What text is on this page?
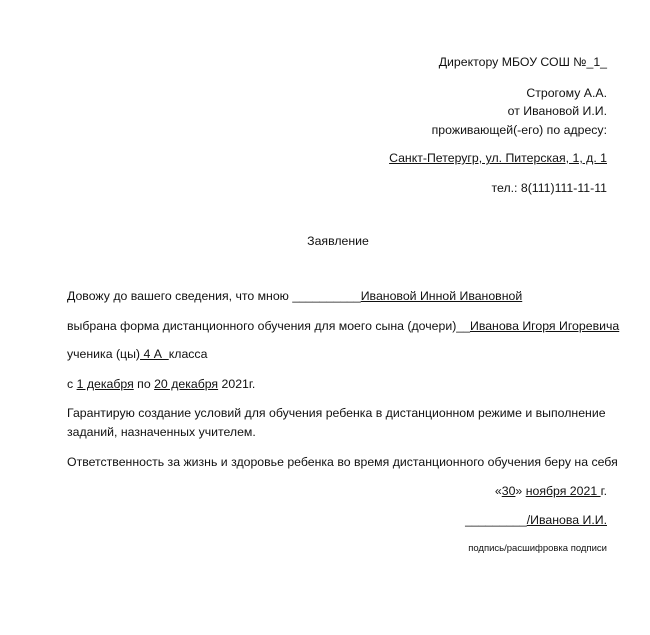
Директору МБОУ СОШ №_1_
Строгому А.А.
от Ивановой И.И.
проживающей(-его) по адресу:
Санкт-Петеругр, ул. Питерская, 1, д. 1
тел.: 8(111)111-11-11
Заявление
Довожу до вашего сведения, что мною __________Ивановой Инной Ивановной
выбрана форма дистанционного обучения для моего сына (дочери)__Иванова Игоря Игоревича
ученика (цы) 4 А  класса
с 1 декабря по 20 декабря 2021г.
Гарантирую создание условий для обучения ребенка в дистанционном режиме и выполнение
заданий, назначенных учителем.
Ответственность за жизнь и здоровье ребенка во время дистанционного обучения беру на себя
«30» ноября 2021 г.
_________/Иванова И.И.
подпись/расшифровка подписи
